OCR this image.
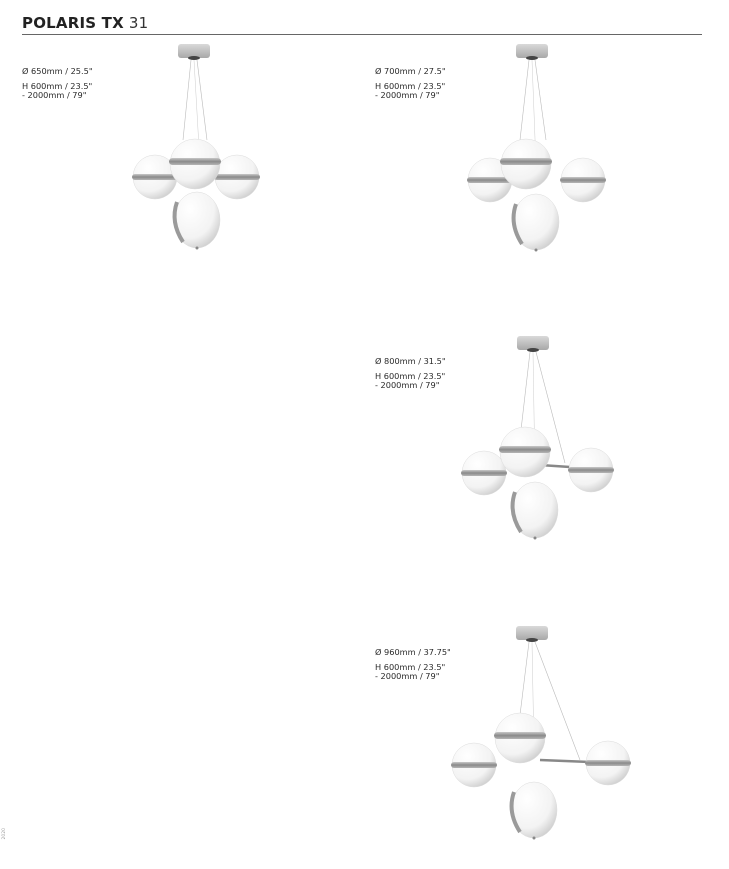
POLARIS TX 31
Ø 650mm / 25.5"
H 600mm / 23.5"
- 2000mm / 79"
Ø 700mm / 27.5"
H 600mm / 23.5"
- 2000mm / 79"
Ø 800mm / 31.5"
H 600mm / 23.5"
- 2000mm / 79"
Ø 960mm / 37.75"
H 600mm / 23.5"
- 2000mm / 79"
2020
